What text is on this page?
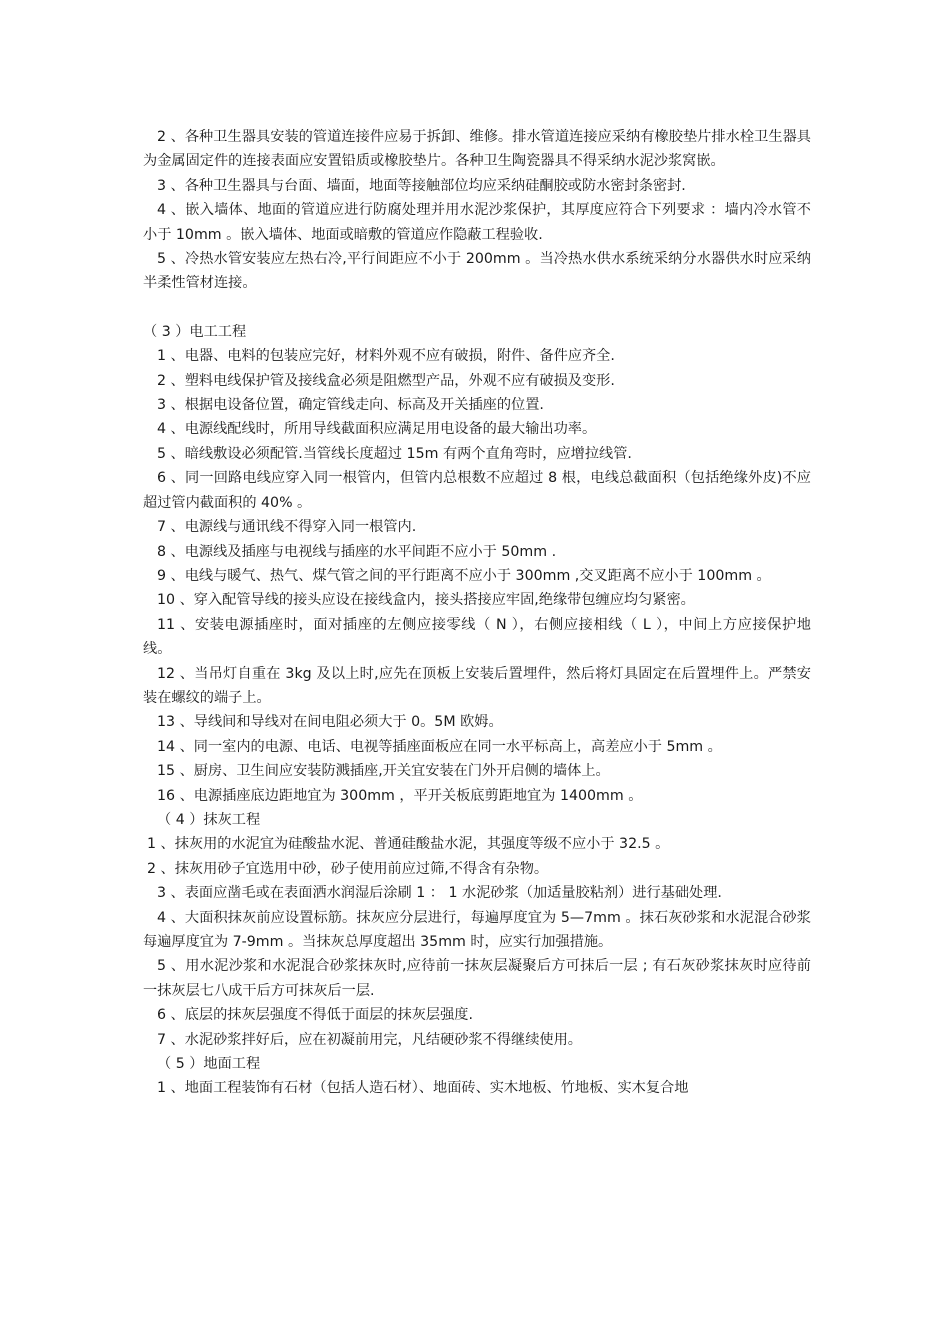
2 、各种卫生器具安装的管道连接件应易于拆卸、维修。排水管道连接应采纳有橡胶垫片排水栓卫生器具为金属固定件的连接表面应安置铅质或橡胶垫片。各种卫生陶瓷器具不得采纳水泥沙浆窝嵌。

3 、各种卫生器具与台面、墙面，地面等接触部位均应采纳硅酮胶或防水密封条密封.

4 、嵌入墙体、地面的管道应进行防腐处理并用水泥沙浆保护，其厚度应符合下列要求 ：墙内冷水管不小于 10mm 。嵌入墙体、地面或暗敷的管道应作隐蔽工程验收.

5 、冷热水管安装应左热右冷,平行间距应不小于 200mm 。当冷热水供水系统采纳分水器供水时应采纳半柔性管材连接。

（ 3 ）电工工程

1 、电器、电料的包装应完好，材料外观不应有破损，附件、备件应齐全.

2 、塑料电线保护管及接线盒必须是阻燃型产品，外观不应有破损及变形.

3 、根据电设备位置，确定管线走向、标高及开关插座的位置.

4 、电源线配线时，所用导线截面积应满足用电设备的最大输出功率。

5 、暗线敷设必须配管.当管线长度超过 15m 有两个直角弯时，应增拉线管.

6 、同一回路电线应穿入同一根管内，但管内总根数不应超过 8 根，电线总截面积（包括绝缘外皮)不应超过管内截面积的 40% 。

7 、电源线与通讯线不得穿入同一根管内.

8 、电源线及插座与电视线与插座的水平间距不应小于 50mm .

9 、电线与暖气、热气、煤气管之间的平行距离不应小于 300mm ,交叉距离不应小于 100mm 。

10 、穿入配管导线的接头应设在接线盒内，接头搭接应牢固,绝缘带包缠应均匀紧密。

11 、安装电源插座时，面对插座的左侧应接零线（ N ），右侧应接相线（ L ），中间上方应接保护地线。

12 、当吊灯自重在 3kg 及以上时,应先在顶板上安装后置埋件，然后将灯具固定在后置埋件上。严禁安装在螺纹的端子上。

13 、导线间和导线对在间电阻必须大于 0。5M 欧姆。

14 、同一室内的电源、电话、电视等插座面板应在同一水平标高上，高差应小于 5mm 。

15 、厨房、卫生间应安装防溅插座,开关宜安装在门外开启侧的墙体上。

16 、电源插座底边距地宜为 300mm ，平开关板底剪距地宜为 1400mm 。

（ 4 ）抹灰工程

1 、抹灰用的水泥宜为硅酸盐水泥、普通硅酸盐水泥，其强度等级不应小于 32.5 。

2 、抹灰用砂子宜选用中砂，砂子使用前应过筛,不得含有杂物。

3 、表面应凿毛或在表面洒水润湿后涂刷 1 ： 1 水泥砂浆（加适量胶粘剂）进行基础处理.

4 、大面积抹灰前应设置标筋。抹灰应分层进行，每遍厚度宜为 5—7mm 。抹石灰砂浆和水泥混合砂浆每遍厚度宜为 7-9mm 。当抹灰总厚度超出 35mm 时，应实行加强措施。

5 、用水泥沙浆和水泥混合砂浆抹灰时,应待前一抹灰层凝聚后方可抹后一层 ; 有石灰砂浆抹灰时应待前一抹灰层七八成干后方可抹灰后一层.

6 、底层的抹灰层强度不得低于面层的抹灰层强度.

7 、水泥砂浆拌好后，应在初凝前用完，凡结硬砂浆不得继续使用。

（ 5 ）地面工程

1 、地面工程装饰有石材（包括人造石材）、地面砖、实木地板、竹地板、实木复合地
